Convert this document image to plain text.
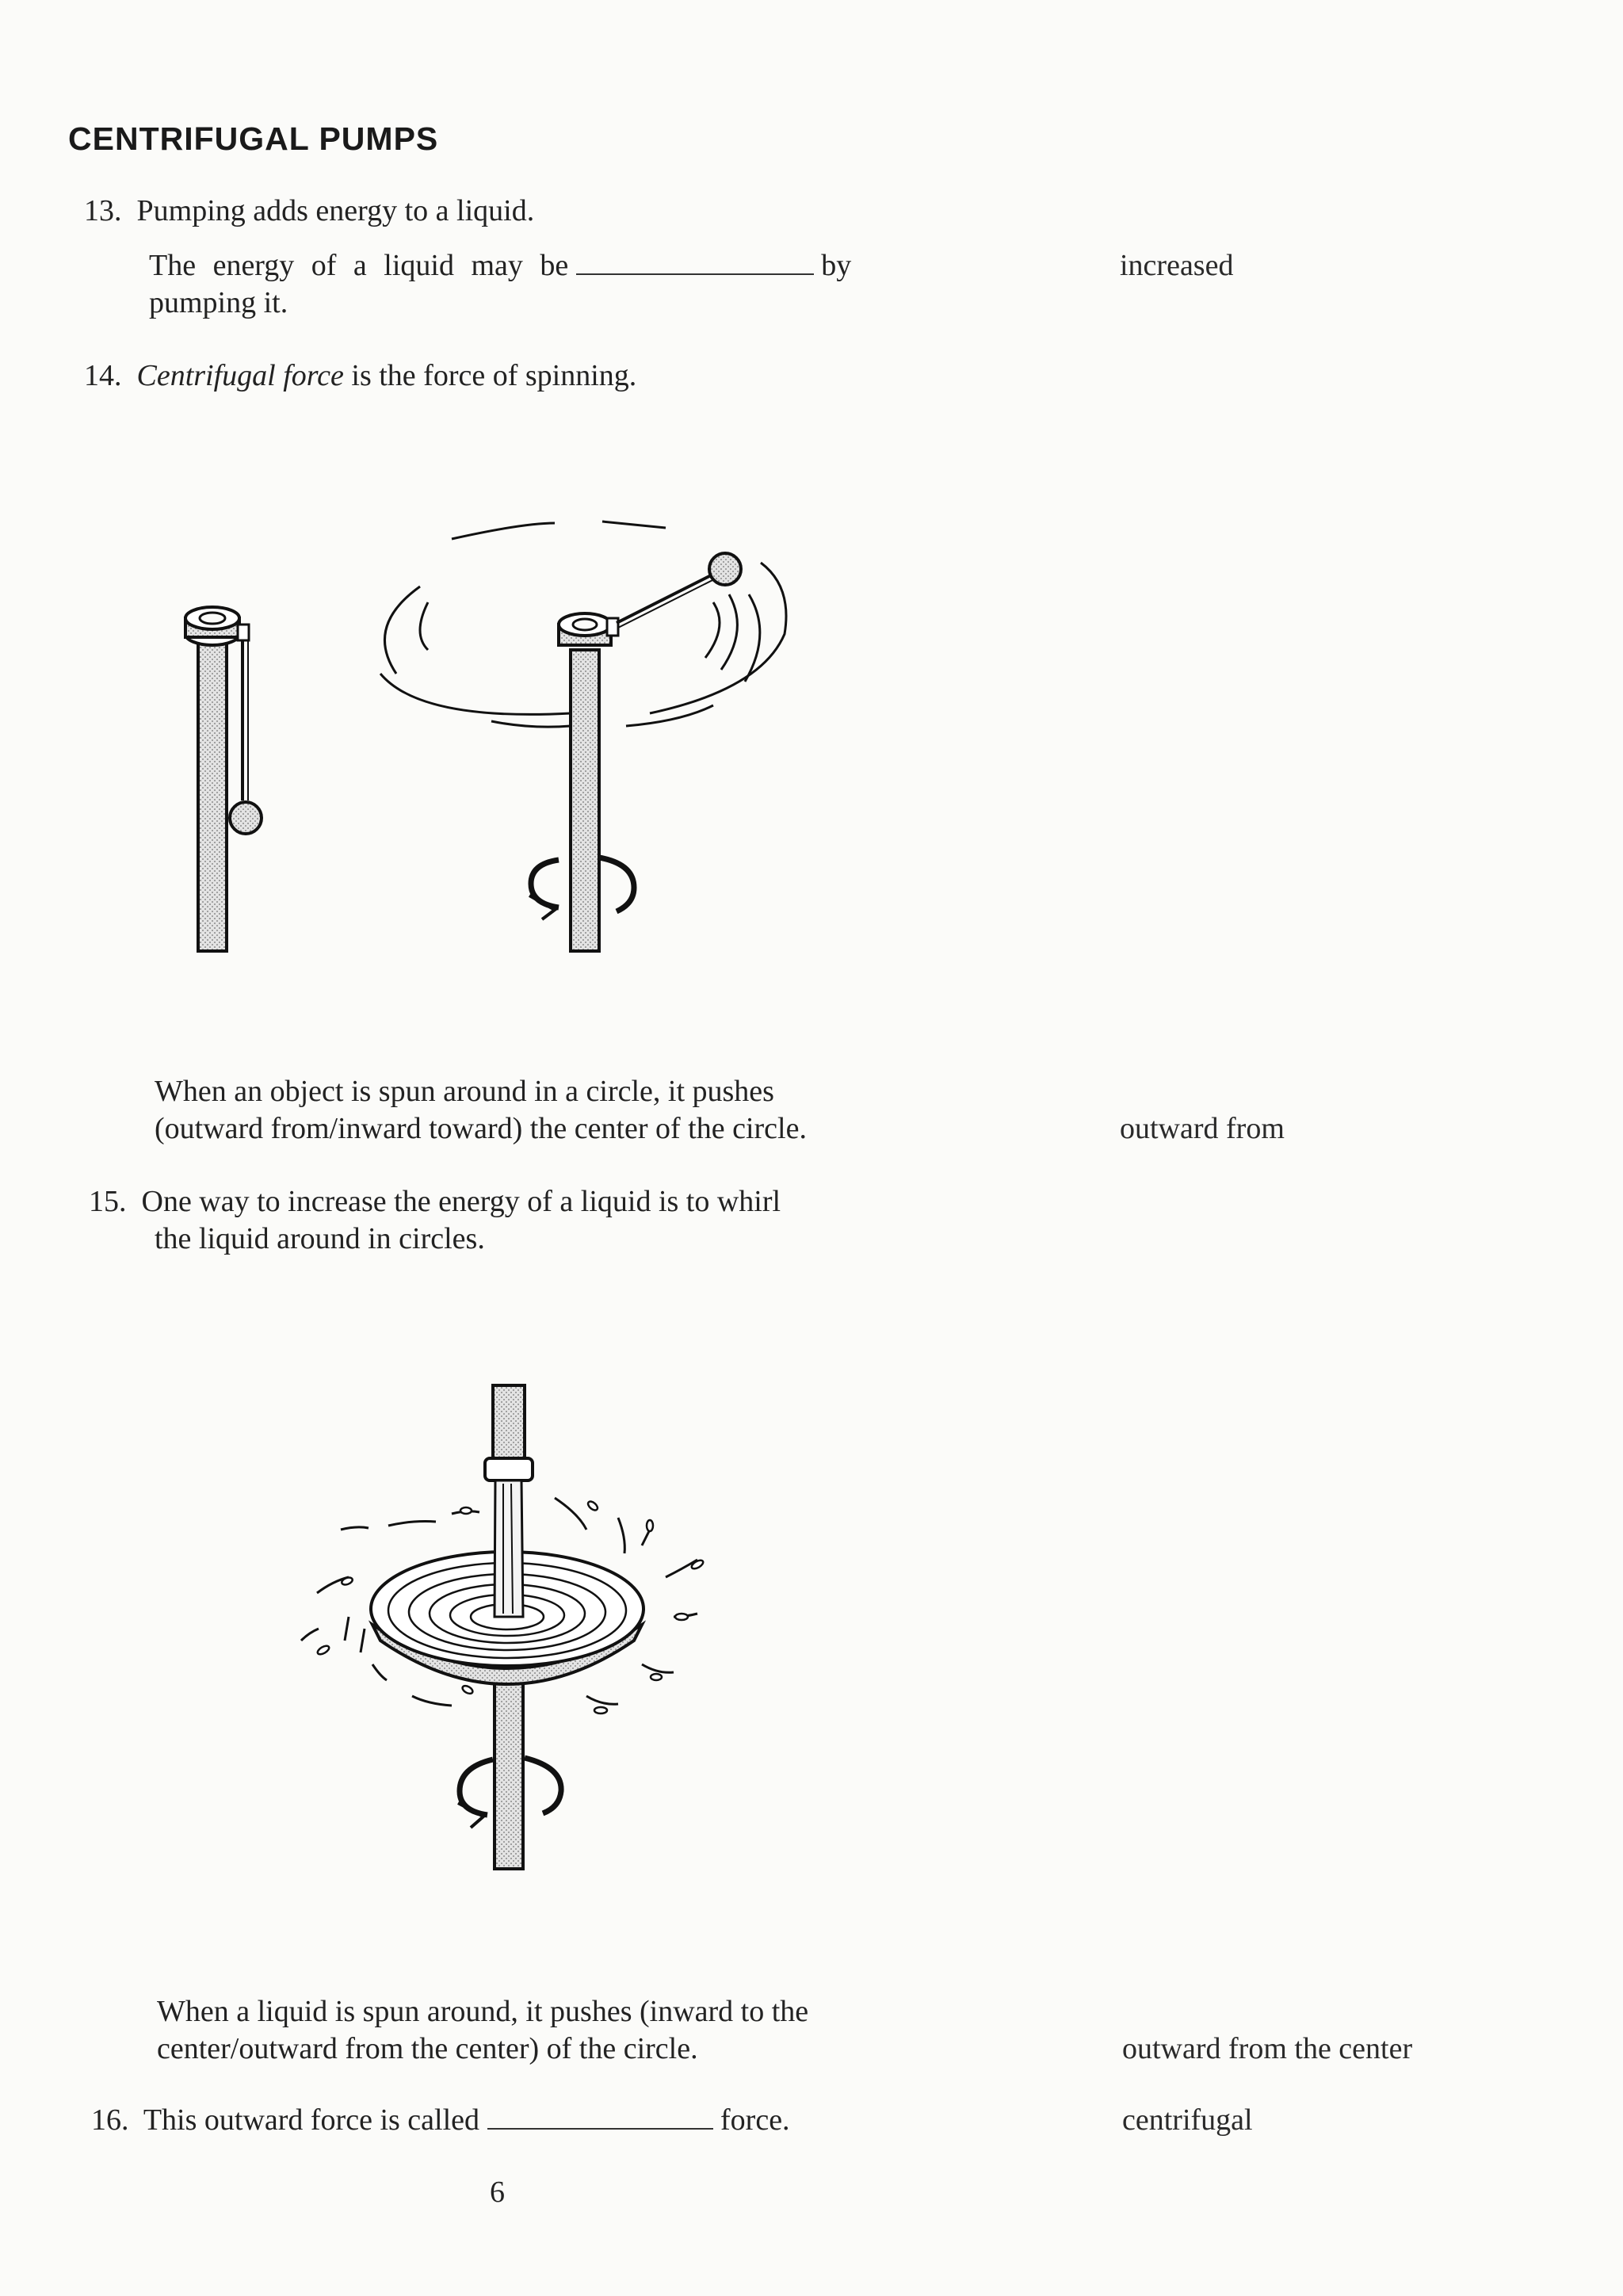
CENTRIFUGAL PUMPS
13. Pumping adds energy to a liquid.
The energy of a liquid may be	by
pumping it.
increased
14. Centrifugal force is the force of spinning.
When an object is spun around in a circle, it pushes
(outward from/inward toward) the center of the circle.	outward from
15. One way to increase the energy of a liquid is to whirl
the liquid around in circles.
When a liquid is spun around, it pushes (inward to the
center/outward from the center) of the circle.	outward from the center
16. This outward force is called	force.	centrifugal
6
